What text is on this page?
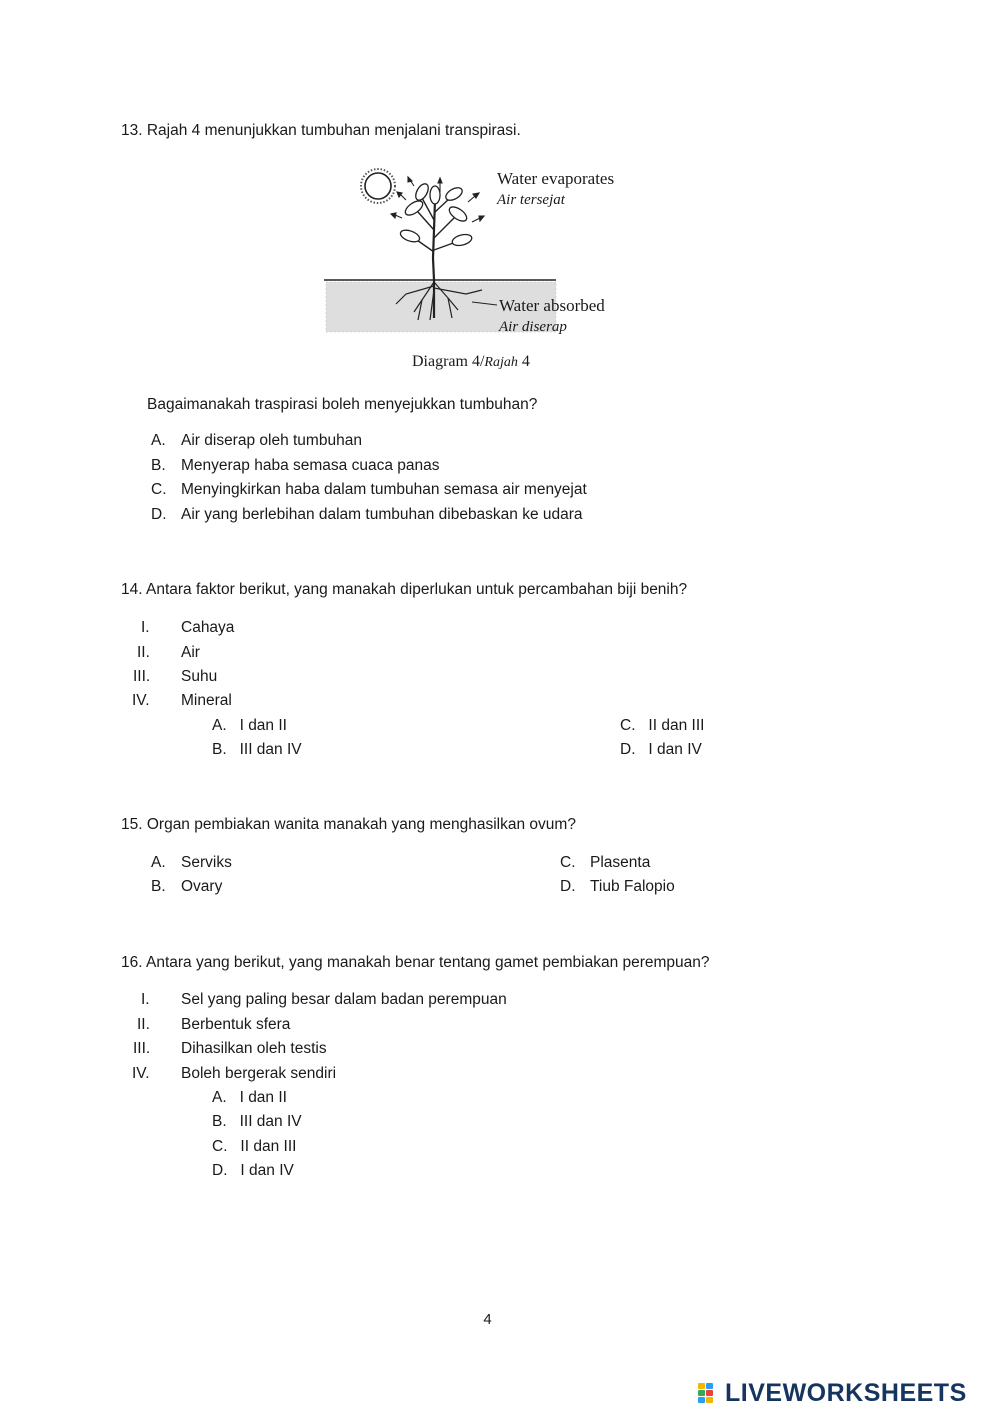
13. Rajah 4 menunjukkan tumbuhan menjalani transpirasi.
Water evaporates
Air tersejat
Water absorbed
Air diserap
Diagram 4/Rajah 4
Bagaimanakah traspirasi boleh menyejukkan tumbuhan?
A. Air diserap oleh tumbuhan
B. Menyerap haba semasa cuaca panas
C. Menyingkirkan haba dalam tumbuhan semasa air menyejat
D. Air yang berlebihan dalam tumbuhan dibebaskan ke udara
14. Antara faktor berikut, yang manakah diperlukan untuk percambahan biji benih?
I. Cahaya
II. Air
III. Suhu
IV. Mineral
A. I dan II
B. III dan IV
C. II dan III
D. I dan IV
15. Organ pembiakan wanita manakah yang menghasilkan ovum?
A. Serviks
B. Ovary
C. Plasenta
D. Tiub Falopio
16. Antara yang berikut, yang manakah benar tentang gamet pembiakan perempuan?
I. Sel yang paling besar dalam badan perempuan
II. Berbentuk sfera
III. Dihasilkan oleh testis
IV. Boleh bergerak sendiri
A. I dan II
B. III dan IV
C. II dan III
D. I dan IV
4
LIVEWORKSHEETS
